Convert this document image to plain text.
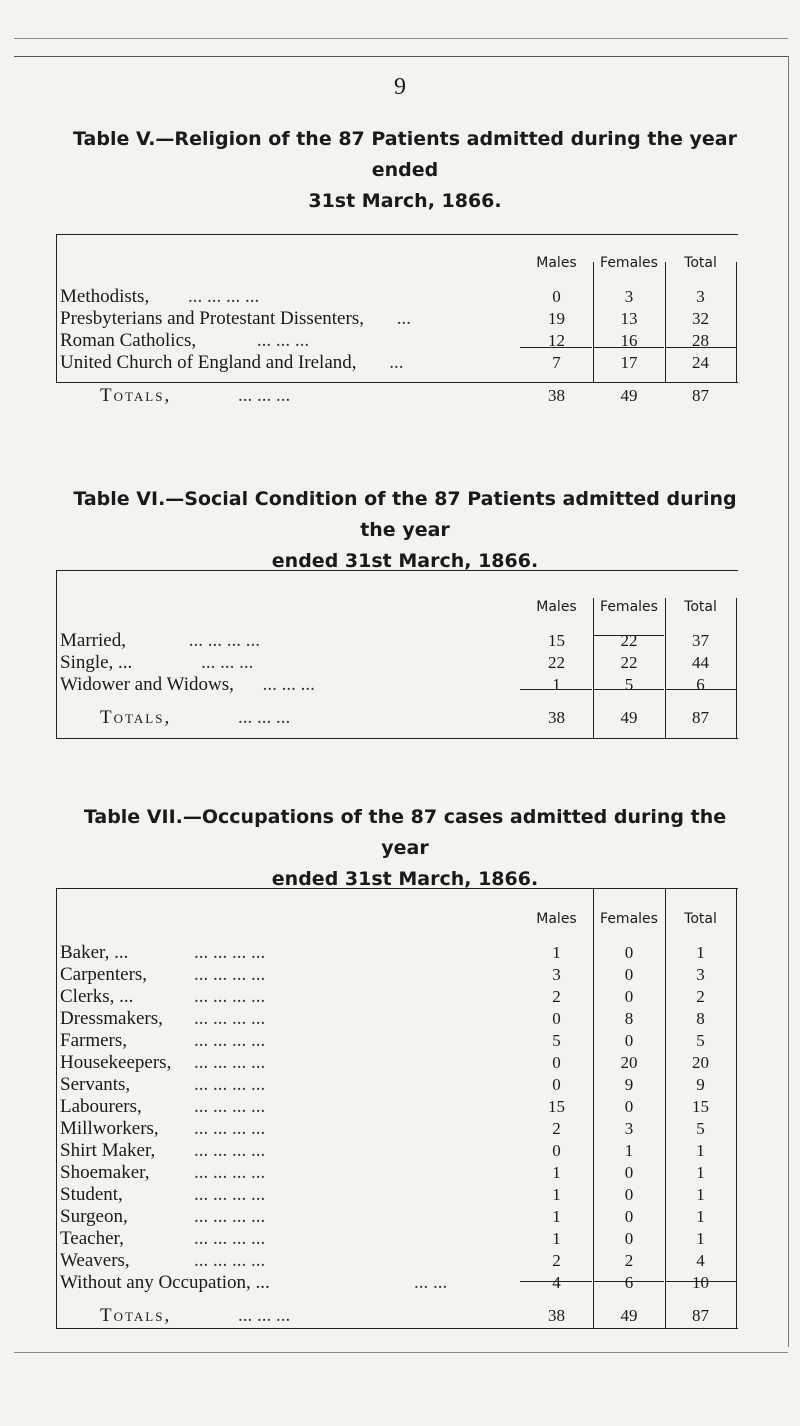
9
Table V.—Religion of the 87 Patients admitted during the year ended
31st March, 1866.
	Males	Females	Total
Methodists, ... ... ... ...	0	3	3
Presbyterians and Protestant Dissenters, ...	19	13	32
Roman Catholics, ... ... ...	12	16	28
United Church of England and Ireland, ...	7	17	24
Totals, ... ... ...	38	49	87
Table VI.—Social Condition of the 87 Patients admitted during the year
ended 31st March, 1866.
	Males	Females	Total
Married, ... ... ... ...	15	22	37
Single, ... ... ... ...	22	22	44
Widower and Widows, ... ... ...	1	5	6
Totals, ... ... ...	38	49	87
Table VII.—Occupations of the 87 cases admitted during the year
ended 31st March, 1866.
	Males	Females	Total
Baker, ... ... ... ... ...	1	0	1
Carpenters, ... ... ... ...	3	0	3
Clerks, ... ... ... ... ...	2	0	2
Dressmakers, ... ... ... ...	0	8	8
Farmers, ... ... ... ...	5	0	5
Housekeepers, ... ... ... ...	0	20	20
Servants, ... ... ... ...	0	9	9
Labourers, ... ... ... ...	15	0	15
Millworkers, ... ... ... ...	2	3	5
Shirt Maker, ... ... ... ...	0	1	1
Shoemaker, ... ... ... ...	1	0	1
Student, ... ... ... ...	1	0	1
Surgeon, ... ... ... ...	1	0	1
Teacher, ... ... ... ...	1	0	1
Weavers, ... ... ... ...	2	2	4
Without any Occupation, ... ... ...	4	6	10
Totals, ... ... ...	38	49	87
